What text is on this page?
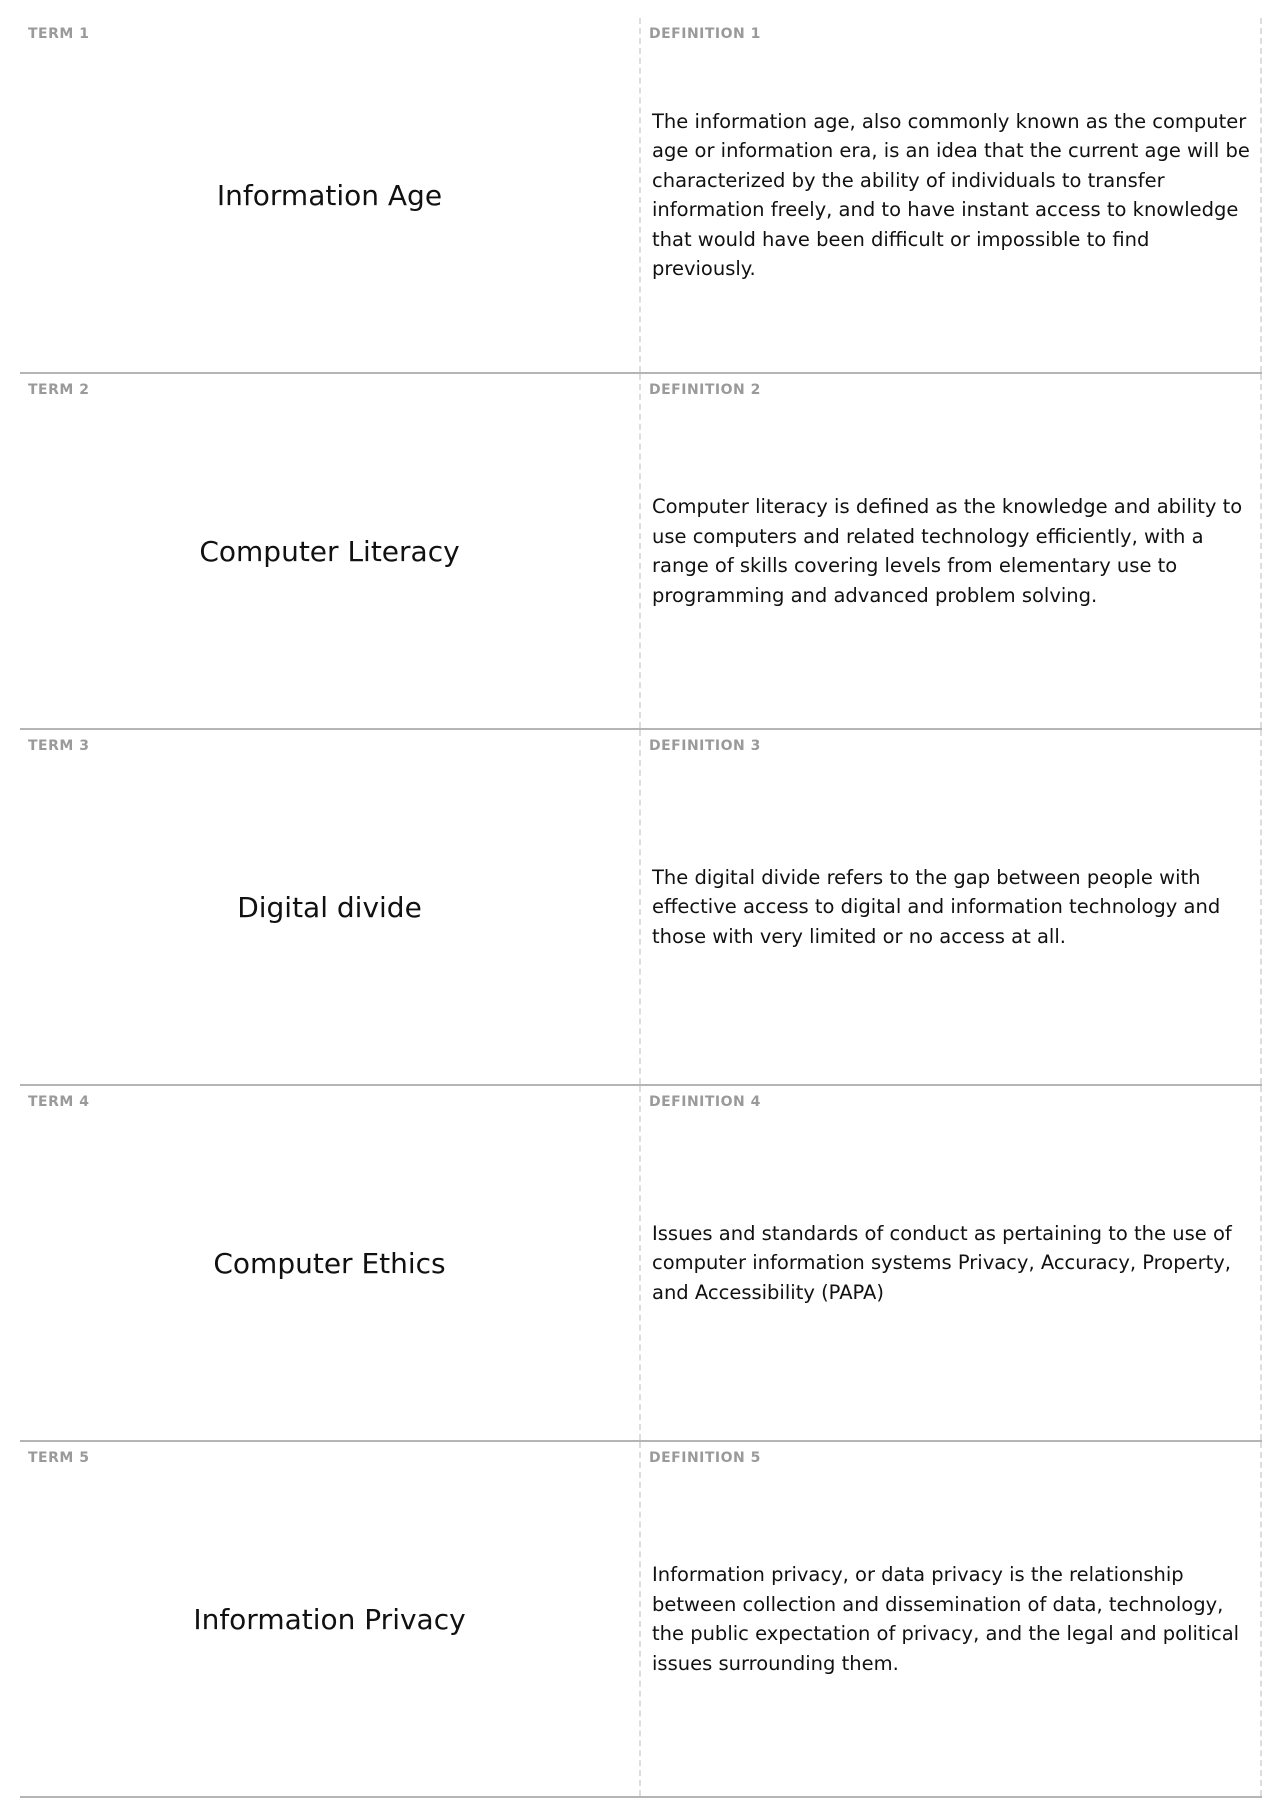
TERM 1
Information Age
DEFINITION 1
The information age, also commonly known as the computer age or information era, is an idea that the current age will be characterized by the ability of individuals to transfer information freely, and to have instant access to knowledge that would have been difficult or impossible to find previously.
TERM 2
Computer Literacy
DEFINITION 2
Computer literacy is defined as the knowledge and ability to use computers and related technology efficiently, with a range of skills covering levels from elementary use to programming and advanced problem solving.
TERM 3
Digital divide
DEFINITION 3
The digital divide refers to the gap between people with effective access to digital and information technology and those with very limited or no access at all.
TERM 4
Computer Ethics
DEFINITION 4
Issues and standards of conduct as pertaining to the use of computer information systems Privacy, Accuracy, Property, and Accessibility (PAPA)
TERM 5
Information Privacy
DEFINITION 5
Information privacy, or data privacy is the relationship between collection and dissemination of data, technology, the public expectation of privacy, and the legal and political issues surrounding them.
